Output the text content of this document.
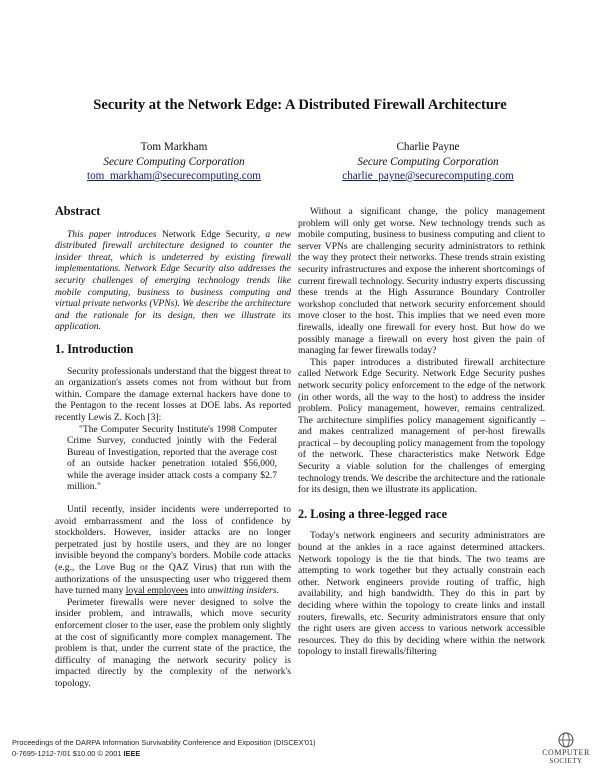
Security at the Network Edge: A Distributed Firewall Architecture
Tom Markham
Secure Computing Corporation
tom_markham@securecomputing.com
Charlie Payne
Secure Computing Corporation
charlie_payne@securecomputing.com
Abstract

This paper introduces Network Edge Security, a new distributed firewall architecture designed to counter the insider threat, which is undeterred by existing firewall implementations. Network Edge Security also addresses the security challenges of emerging technology trends like mobile computing, business to business computing and virtual private networks (VPNs). We describe the architecture and the rationale for its design, then we illustrate its application.

1. Introduction

Security professionals understand that the biggest threat to an organization's assets comes not from without but from within. Compare the damage external hackers have done to the Pentagon to the recent losses at DOE labs. As reported recently Lewis Z. Koch [3]:

"The Computer Security Institute's 1998 Computer Crime Survey, conducted jointly with the Federal Bureau of Investigation, reported that the average cost of an outside hacker penetration totaled $56,000, while the average insider attack costs a company $2.7 million."

Until recently, insider incidents were underreported to avoid embarrassment and the loss of confidence by stockholders. However, insider attacks are no longer perpetrated just by hostile users, and they are no longer invisible beyond the company's borders. Mobile code attacks (e.g., the Love Bug or the QAZ Virus) that run with the authorizations of the unsuspecting user who triggered them have turned many loyal employees into unwitting insiders.

Perimeter firewalls were never designed to solve the insider problem, and intrawalls, which move security enforcement closer to the user, ease the problem only slightly at the cost of significantly more complex management. The problem is that, under the current state of the practice, the difficulty of managing the network security policy is impacted directly by the complexity of the network's topology.

Without a significant change, the policy management problem will only get worse. New technology trends such as mobile computing, business to business computing and client to server VPNs are challenging security administrators to rethink the way they protect their networks. These trends strain existing security infrastructures and expose the inherent shortcomings of current firewall technology. Security industry experts discussing these trends at the High Assurance Boundary Controller workshop concluded that network security enforcement should move closer to the host. This implies that we need even more firewalls, ideally one firewall for every host. But how do we possibly manage a firewall on every host given the pain of managing far fewer firewalls today?

This paper introduces a distributed firewall architecture called Network Edge Security. Network Edge Security pushes network security policy enforcement to the edge of the network (in other words, all the way to the host) to address the insider problem. Policy management, however, remains centralized. The architecture simplifies policy management significantly – and makes centralized management of per-host firewalls practical – by decoupling policy management from the topology of the network. These characteristics make Network Edge Security a viable solution for the challenges of emerging technology trends. We describe the architecture and the rationale for its design, then we illustrate its application.

2. Losing a three-legged race

Today's network engineers and security administrators are bound at the ankles in a race against determined attackers. Network topology is the tie that binds. The two teams are attempting to work together but they actually constrain each other. Network engineers provide routing of traffic, high availability, and high bandwidth. They do this in part by deciding where within the topology to create links and install routers, firewalls, etc. Security administrators ensure that only the right users are given access to various network accessible resources. They do this by deciding where within the network topology to install firewalls/filtering

Proceedings of the DARPA Information Survivability Conference and Exposition (DISCEX'01)
0-7695-1212-7/01 $10.00 © 2001 IEEE	COMPUTER
SOCIETY
